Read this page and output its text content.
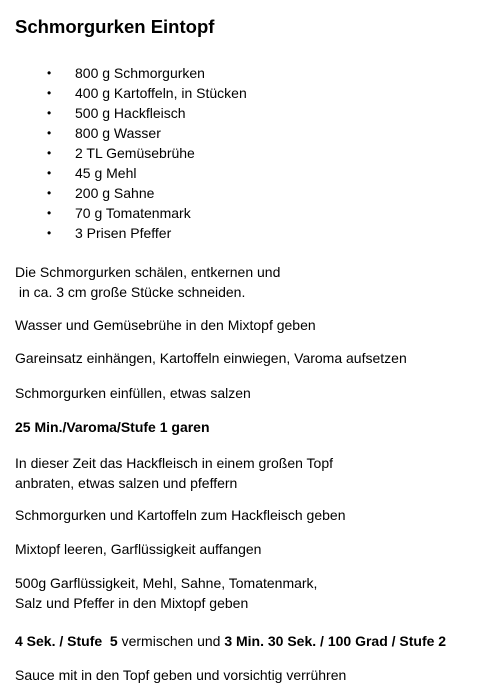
Schmorgurken Eintopf
• 800 g Schmorgurken
• 400 g Kartoffeln, in Stücken
• 500 g Hackfleisch
• 800 g Wasser
• 2 TL Gemüsebrühe
• 45 g Mehl
• 200 g Sahne
• 70 g Tomatenmark
• 3 Prisen Pfeffer
Die Schmorgurken schälen, entkernen und
in ca. 3 cm große Stücke schneiden.
Wasser und Gemüsebrühe in den Mixtopf geben
Gareinsatz einhängen, Kartoffeln einwiegen, Varoma aufsetzen
Schmorgurken einfüllen, etwas salzen
25 Min./Varoma/Stufe 1 garen
In dieser Zeit das Hackfleisch in einem großen Topf
anbraten, etwas salzen und pfeffern
Schmorgurken und Kartoffeln zum Hackfleisch geben
Mixtopf leeren, Garflüssigkeit auffangen
500g Garflüssigkeit, Mehl, Sahne, Tomatenmark,
Salz und Pfeffer in den Mixtopf geben
4 Sek. / Stufe  5 vermischen und 3 Min. 30 Sek. / 100 Grad / Stufe 2
Sauce mit in den Topf geben und vorsichtig verrühren
